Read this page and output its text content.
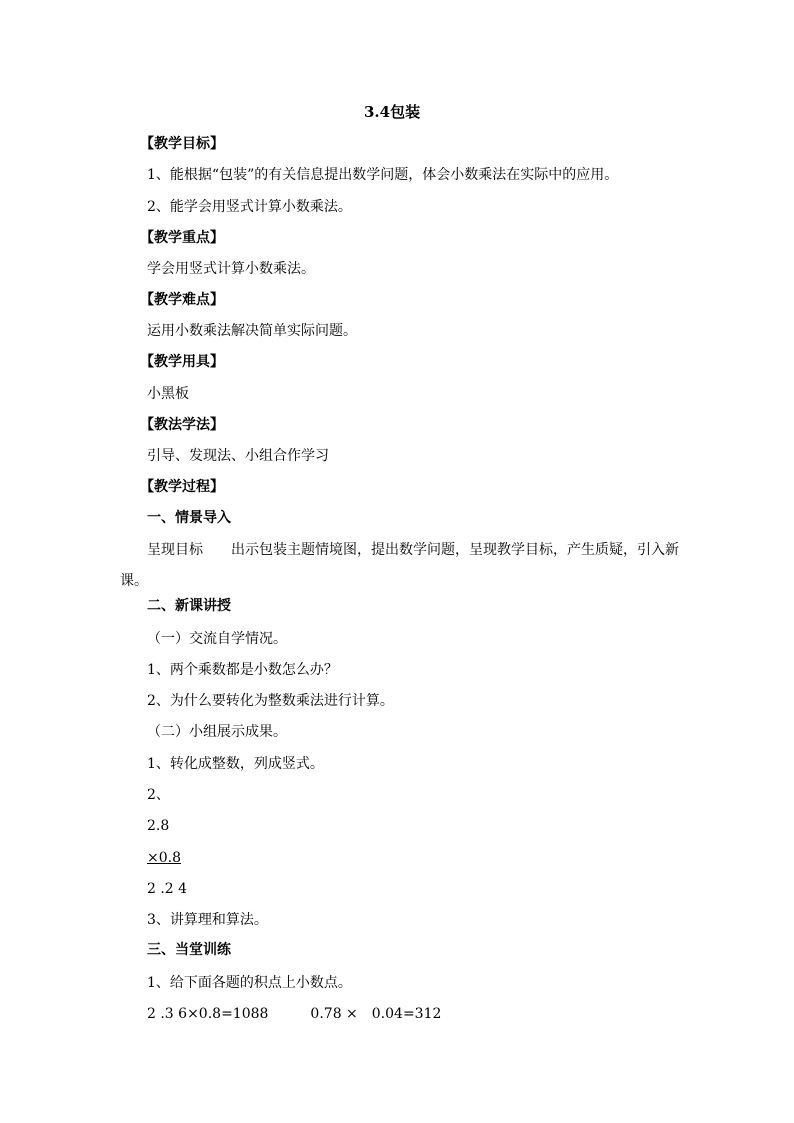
3.4包装
【教学目标】
1、能根据“包装”的有关信息提出数学问题，体会小数乘法在实际中的应用。
2、能学会用竖式计算小数乘法。
【教学重点】
学会用竖式计算小数乘法。
【教学难点】
运用小数乘法解决简单实际问题。
【教学用具】
小黑板
【教法学法】
引导、发现法、小组合作学习
【教学过程】
一、情景导入
呈现目标　　出示包装主题情境图，提出数学问题，呈现教学目标，产生质疑，引入新
课。
二、新课讲授
（一）交流自学情况。
1、两个乘数都是小数怎么办？
2、为什么要转化为整数乘法进行计算。
（二）小组展示成果。
1、转化成整数，列成竖式。
2、
2.8
×0.8
2 .2 4
3、讲算理和算法。
三、当堂训练
1、给下面各题的积点上小数点。
2 .3 6×0.8=1088　　　0.78 ×　0.04=312
